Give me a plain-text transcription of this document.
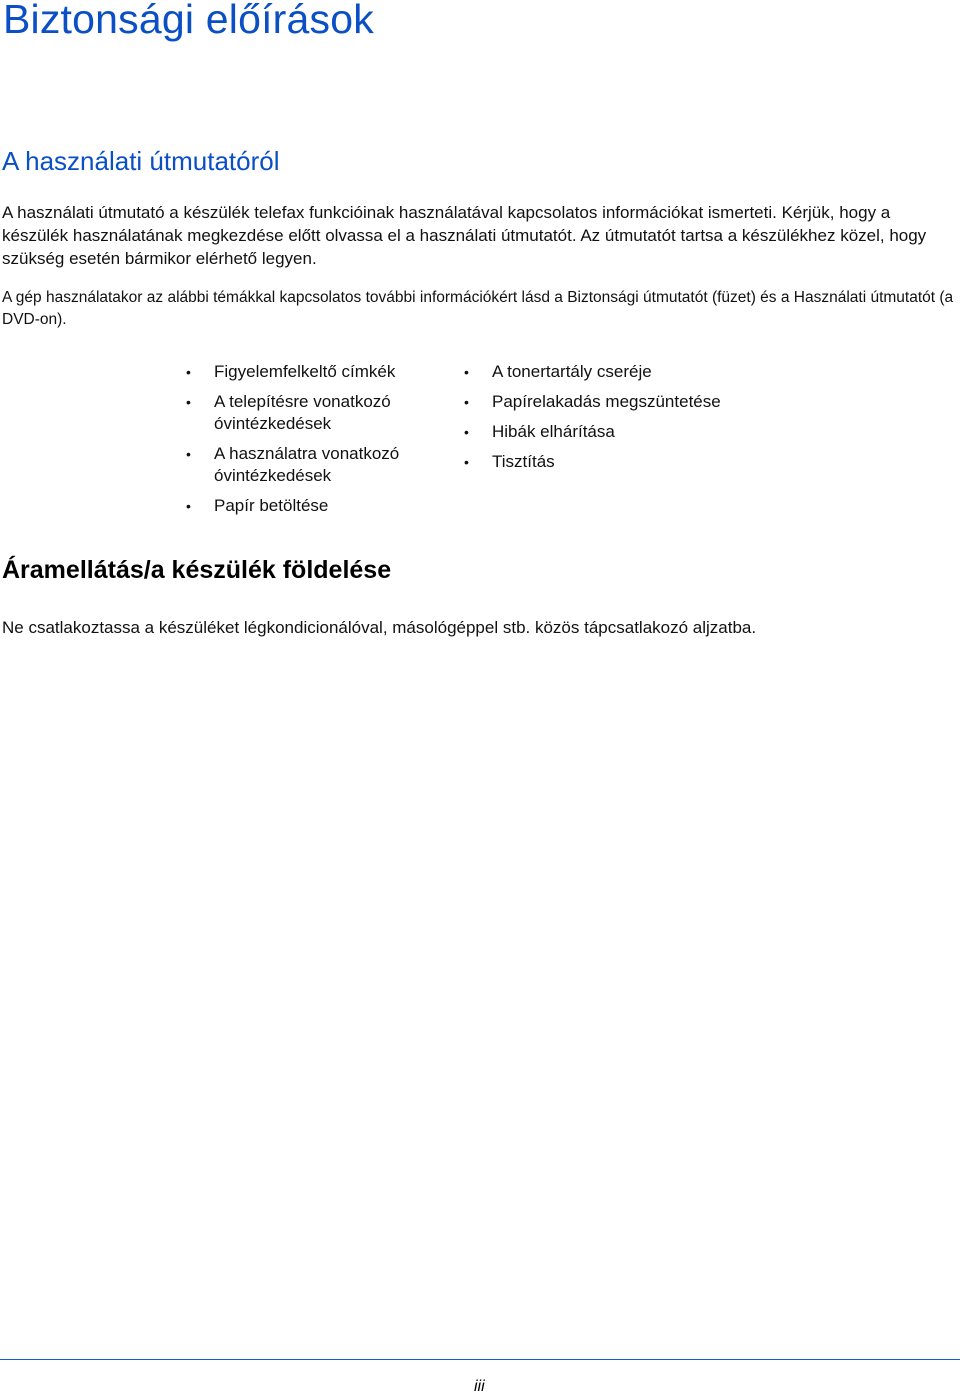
Biztonsági előírások
A használati útmutatóról

A használati útmutató a készülék telefax funkcióinak használatával kapcsolatos információkat ismerteti. Kérjük, hogy a készülék használatának megkezdése előtt olvassa el a használati útmutatót. Az útmutatót tartsa a készülékhez közel, hogy szükség esetén bármikor elérhető legyen.

A gép használatakor az alábbi témákkal kapcsolatos további információkért lásd a Biztonsági útmutatót (füzet) és a Használati útmutatót (a DVD-on).

• Figyelemfelkeltő címkék
• A telepítésre vonatkozó óvintézkedések
• A használatra vonatkozó óvintézkedések
• Papír betöltése
• A tonertartály cseréje
• Papírelakadás megszüntetése
• Hibák elhárítása
• Tisztítás
Áramellátás/a készülék földelése

Ne csatlakoztassa a készüléket légkondicionálóval, másológéppel stb. közös tápcsatlakozó aljzatba.

iii
